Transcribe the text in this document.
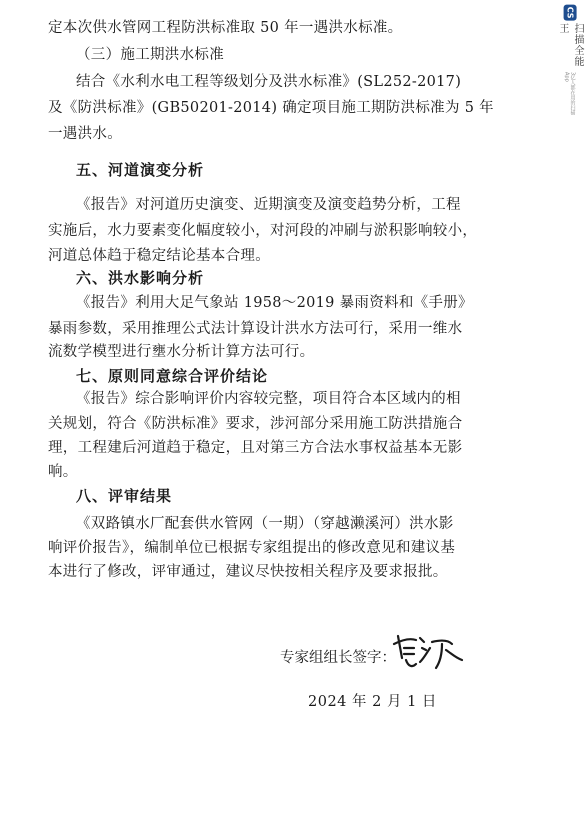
CS
扫描全能王
3亿人都在用的扫描App
定本次供水管网工程防洪标准取 50 年一遇洪水标准。
（三）施工期洪水标准
结合《水利水电工程等级划分及洪水标准》(SL252-2017)
及《防洪标准》(GB50201-2014) 确定项目施工期防洪标准为 5 年
一遇洪水。
五、河道演变分析
《报告》对河道历史演变、近期演变及演变趋势分析，工程
实施后，水力要素变化幅度较小，对河段的冲刷与淤积影响较小，
河道总体趋于稳定结论基本合理。
六、洪水影响分析
《报告》利用大足气象站 1958～2019 暴雨资料和《手册》
暴雨参数，采用推理公式法计算设计洪水方法可行，采用一维水
流数学模型进行壅水分析计算方法可行。
七、原则同意综合评价结论
《报告》综合影响评价内容较完整，项目符合本区域内的相
关规划，符合《防洪标准》要求，涉河部分采用施工防洪措施合
理，工程建后河道趋于稳定，且对第三方合法水事权益基本无影
响。
八、评审结果
《双路镇水厂配套供水管网（一期）（穿越濑溪河）洪水影
响评价报告》，编制单位已根据专家组提出的修改意见和建议基
本进行了修改，评审通过，建议尽快按相关程序及要求报批。
专家组组长签字：
2024 年 2 月 1 日
